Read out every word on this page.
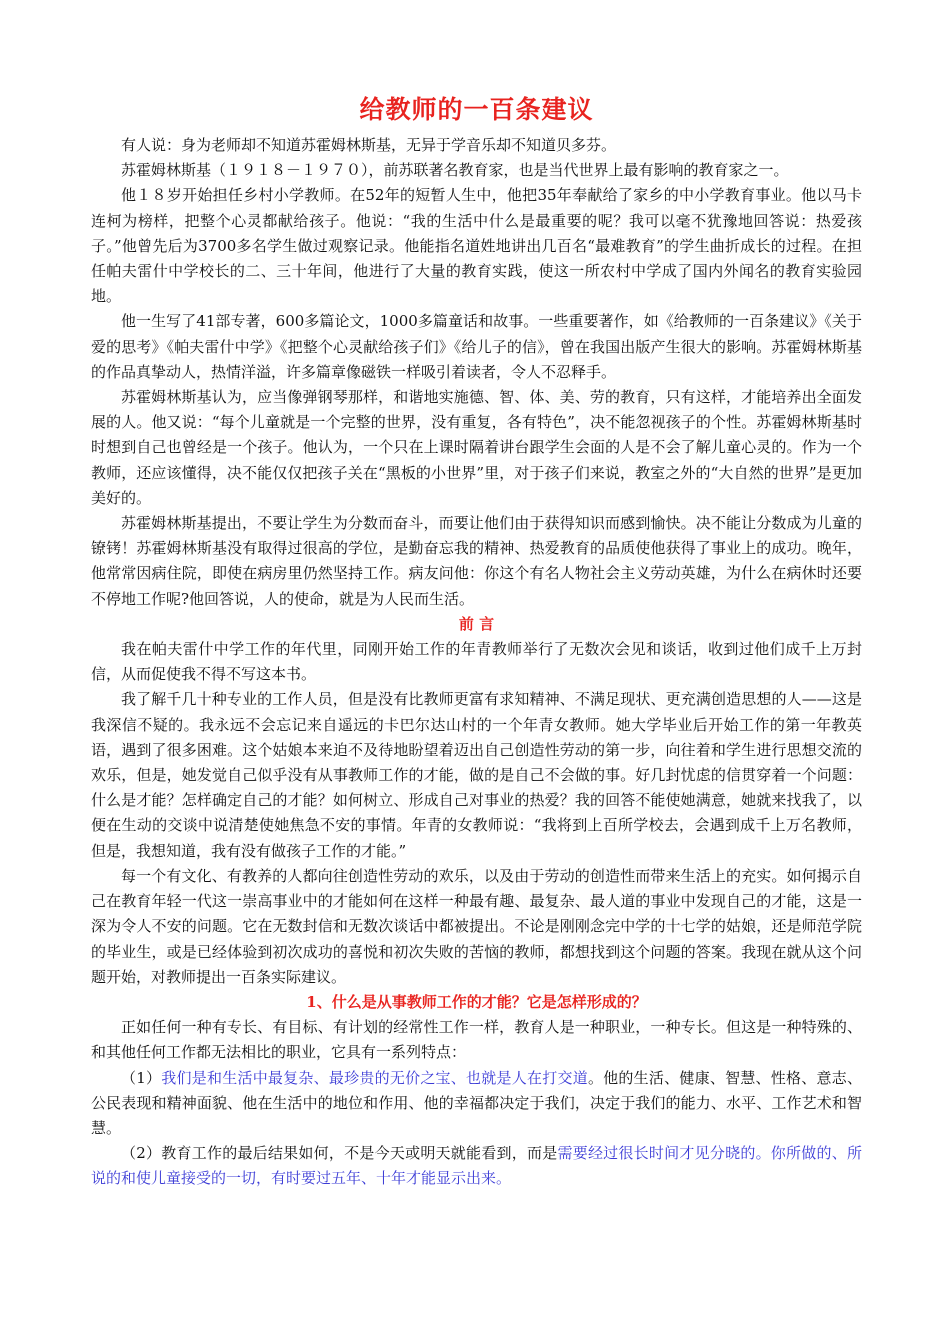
给教师的一百条建议

有人说：身为老师却不知道苏霍姆林斯基，无异于学音乐却不知道贝多芬。

苏霍姆林斯基（１９１８－１９７０），前苏联著名教育家，也是当代世界上最有影响的教育家之一。

他１８岁开始担任乡村小学教师。在52年的短暂人生中，他把35年奉献给了家乡的中小学教育事业。他以马卡连柯为榜样，把整个心灵都献给孩子。他说：“我的生活中什么是最重要的呢？我可以毫不犹豫地回答说：热爱孩子。”他曾先后为3700多名学生做过观察记录。他能指名道姓地讲出几百名“最难教育”的学生曲折成长的过程。在担任帕夫雷什中学校长的二、三十年间，他进行了大量的教育实践，使这一所农村中学成了国内外闻名的教育实验园地。

他一生写了41部专著，600多篇论文，1000多篇童话和故事。一些重要著作，如《给教师的一百条建议》《关于爱的思考》《帕夫雷什中学》《把整个心灵献给孩子们》《给儿子的信》，曾在我国出版产生很大的影响。苏霍姆林斯基的作品真挚动人，热情洋溢，许多篇章像磁铁一样吸引着读者，令人不忍释手。

苏霍姆林斯基认为，应当像弹钢琴那样，和谐地实施德、智、体、美、劳的教育，只有这样，才能培养出全面发展的人。他又说：“每个儿童就是一个完整的世界，没有重复，各有特色”，决不能忽视孩子的个性。苏霍姆林斯基时时想到自己也曾经是一个孩子。他认为，一个只在上课时隔着讲台跟学生会面的人是不会了解儿童心灵的。作为一个教师，还应该懂得，决不能仅仅把孩子关在“黑板的小世界”里，对于孩子们来说，教室之外的“大自然的世界”是更加美好的。

苏霍姆林斯基提出，不要让学生为分数而奋斗，而要让他们由于获得知识而感到愉快。决不能让分数成为儿童的镣铐！苏霍姆林斯基没有取得过很高的学位，是勤奋忘我的精神、热爱教育的品质使他获得了事业上的成功。晚年，他常常因病住院，即使在病房里仍然坚持工作。病友问他：你这个有名人物社会主义劳动英雄，为什么在病休时还要不停地工作呢?他回答说，人的使命，就是为人民而生活。

前 言

我在帕夫雷什中学工作的年代里，同刚开始工作的年青教师举行了无数次会见和谈话，收到过他们成千上万封信，从而促使我不得不写这本书。

我了解千几十种专业的工作人员，但是没有比教师更富有求知精神、不满足现状、更充满创造思想的人——这是我深信不疑的。我永远不会忘记来自遥远的卡巴尔达山村的一个年青女教师。她大学毕业后开始工作的第一年教英语，遇到了很多困难。这个姑娘本来迫不及待地盼望着迈出自己创造性劳动的第一步，向往着和学生进行思想交流的欢乐，但是，她发觉自己似乎没有从事教师工作的才能，做的是自己不会做的事。好几封忧虑的信贯穿着一个问题：什么是才能？怎样确定自己的才能？如何树立、形成自己对事业的热爱？我的回答不能使她满意，她就来找我了，以便在生动的交谈中说清楚使她焦急不安的事情。年青的女教师说：“我将到上百所学校去，会遇到成千上万名教师，但是，我想知道，我有没有做孩子工作的才能。”

每一个有文化、有教养的人都向往创造性劳动的欢乐，以及由于劳动的创造性而带来生活上的充实。如何揭示自己在教育年轻一代这一崇高事业中的才能如何在这样一种最有趣、最复杂、最人道的事业中发现自己的才能，这是一深为令人不安的问题。它在无数封信和无数次谈话中都被提出。不论是刚刚念完中学的十七学的姑娘，还是师范学院的毕业生，或是已经体验到初次成功的喜悦和初次失败的苦恼的教师，都想找到这个问题的答案。我现在就从这个问题开始，对教师提出一百条实际建议。

1、什么是从事教师工作的才能？它是怎样形成的？

正如任何一种有专长、有目标、有计划的经常性工作一样，教育人是一种职业，一种专长。但这是一种特殊的、和其他任何工作都无法相比的职业，它具有一系列特点：

（1）我们是和生活中最复杂、最珍贵的无价之宝、也就是人在打交道。他的生活、健康、智慧、性格、意志、公民表现和精神面貌、他在生活中的地位和作用、他的幸福都决定于我们，决定于我们的能力、水平、工作艺术和智慧。

（2）教育工作的最后结果如何，不是今天或明天就能看到，而是需要经过很长时间才见分晓的。你所做的、所说的和使儿童接受的一切，有时要过五年、十年才能显示出来。
